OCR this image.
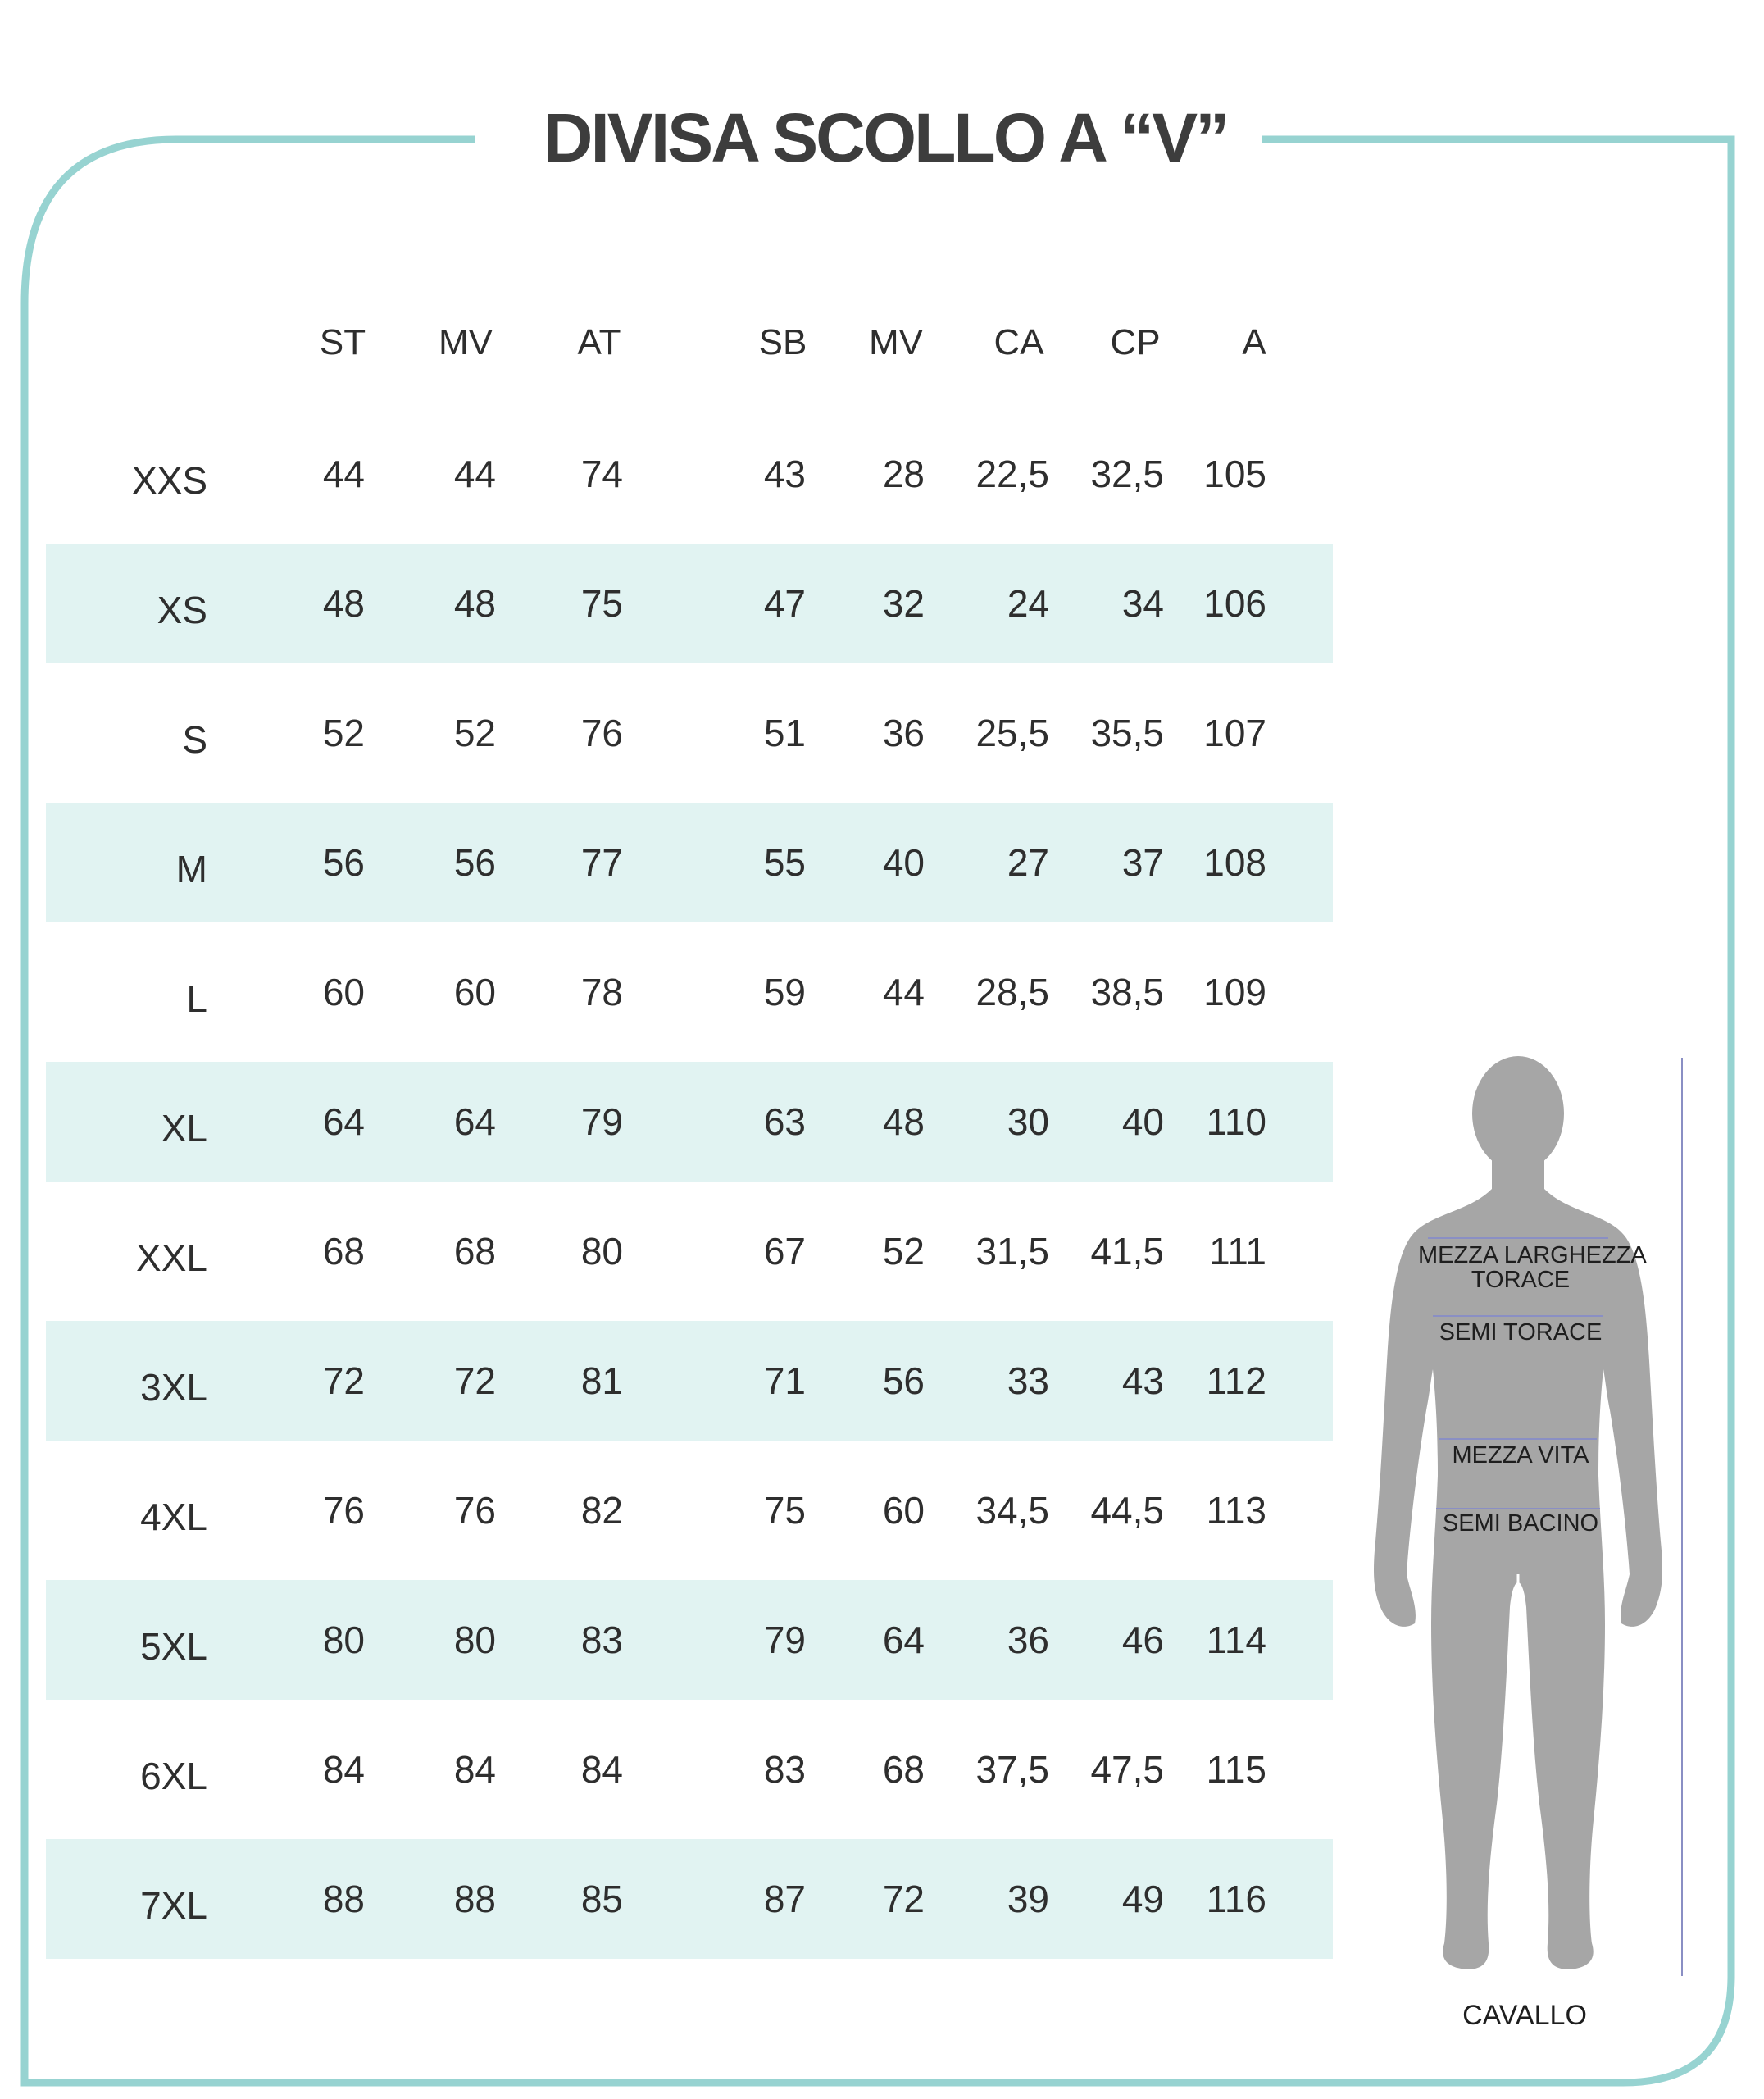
DIVISA SCOLLO A “V”
ST	MV	AT	SB	MV	CA	CP	A
XXS	44	44	74	43	28	22,5	32,5	105
XS	48	48	75	47	32	24	34	106
S	52	52	76	51	36	25,5	35,5	107
M	56	56	77	55	40	27	37	108
L	60	60	78	59	44	28,5	38,5	109
XL	64	64	79	63	48	30	40	110
XXL	68	68	80	67	52	31,5	41,5	111
3XL	72	72	81	71	56	33	43	112
4XL	76	76	82	75	60	34,5	44,5	113
5XL	80	80	83	79	64	36	46	114
6XL	84	84	84	83	68	37,5	47,5	115
7XL	88	88	85	87	72	39	49	116
MEZZA LARGHEZZA
TORACE
SEMI TORACE
MEZZA VITA
SEMI BACINO
CAVALLO
